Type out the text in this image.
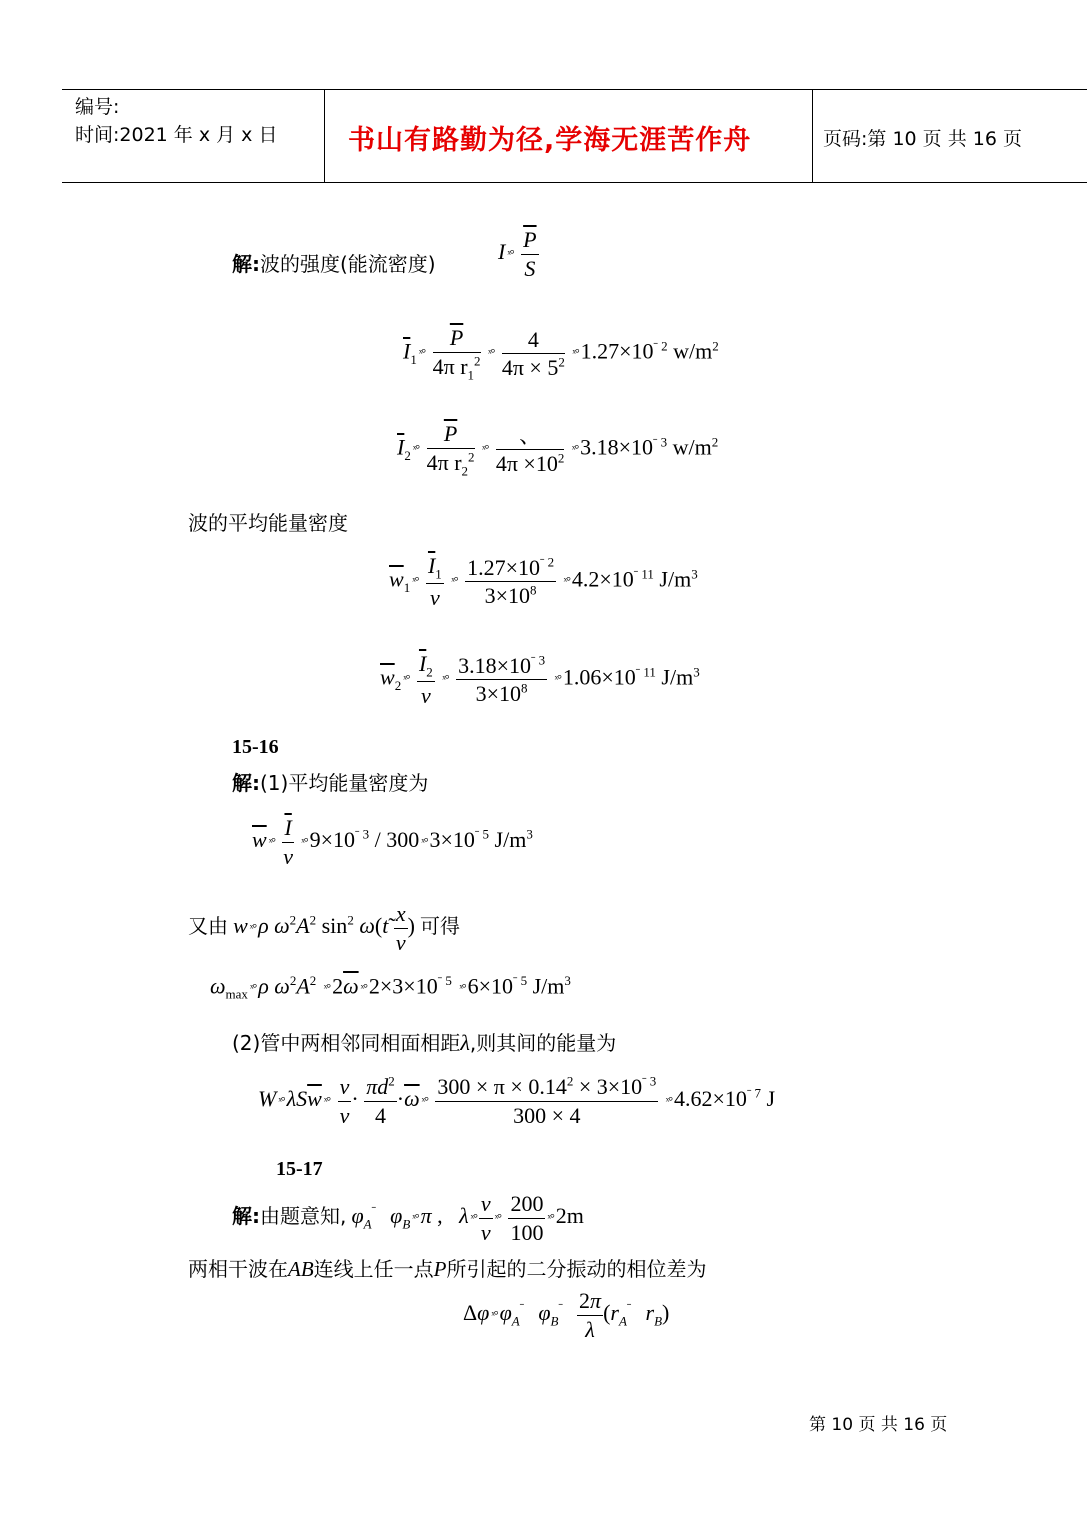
编号:
时间:2021 年 x 月 x 日	书山有路勤为径,学海无涯苦作舟	页码:第 10 页 共 16 页
解:波的强度(能流密度)	I ˣ° $\frac{\overline{P}}{S}$
$\overline{I}_1$ ˣ° $\frac{\overline{P}}{4\pi r_1^2}$ ˣ° $\frac{4}{4\pi \times 5^2}$ $ˣ^\circ 1.27\times 10^ˉ$ $^2$ $w/m^2$
$\overline{I}_2$ ˣ° $\frac{\overline{P}}{4\pi r_2^2}$ ˣ° $\frac{、}{4\pi \times 10^2}$ $ˣ^\circ 3.18\times 10^ˉ$ $^3$ $w/m^2$
波的平均能量密度
$\overline{w}_1$ ˣ° $\frac{\overline{I}_1}{v}$ ˣ° $\frac{1.27\times 10^ˉ ^2}{3\times 10^8}$ $ˣ^\circ 4.2\times 10^ˉ$ $^{11}$ $J/m^3$
$\overline{w}_2$ ˣ° $\frac{\overline{I}_2}{v}$ ˣ° $\frac{3.18\times 10^ˉ ^3}{3\times 10^8}$ $ˣ^\circ 1.06\times 10^ˉ$ $^{11}$ $J/m^3$
15-16
解:(1)平均能量密度为
$\overline{w}$ ˣ° $\frac{\overline{I}}{v}$ $ˣ^\circ 9\times 10^ˉ$ $^3$ / 300 $ˣ^\circ 3\times 10^ˉ$ $^5$ $J/m^3$
又由 w ˣ°ρ $\omega^2A^2$ $\sin^2$ ω(t̃ $\frac{x}{v}$ ) 可得
$\omega_{max}$ ˣ°ρ $\omega^2A^2$ $ˣ^\circ 2\overline{\omega}$ $ˣ^\circ 2\times 3\times 10^ˉ$ $^5$ $ˣ^\circ 6\times 10^ˉ$ $^5$ $J/m^3$
(2)管中两相邻同相面相距λ,则其间的能量为
W $ˣ^\circ\lambda S\overline{w}$ ˣ° $\frac{v}{\nu} \cdot \frac{\pi d^2}{4} \cdot\overline{\omega}$ ˣ° $\frac{300 \times \pi \times 0.14^2 \times 3\times 10^ˉ ^3}{300 \times 4}$ $ˣ^\circ 4.62\times 10^ˉ$ $^7$ J
15-17
解:由题意知, $\varphi_A^ˉ$   $\varphi_B$ ˣ°π ,   λ ˣ° $\frac{v}{\nu}$ ˣ° $\frac{200}{100}$ ˣ°2m
两相干波在AB连线上任一点P所引起的二分振动的相位差为
Δφ $ˣ^\circ\varphi_A^ˉ$   $\varphi_B^ˉ \frac{2\pi}{\lambda} (r_A^ˉ$   $r_B$)
第 10 页 共 16 页
